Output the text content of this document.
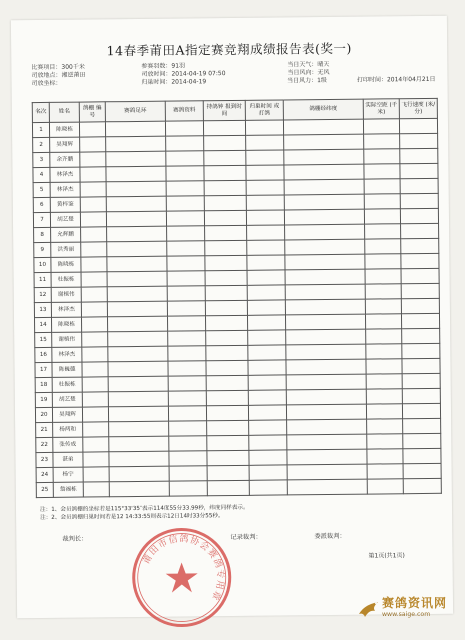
14春季莆田A指定赛竞翔成绩报告表(奖一)
比赛项目：300千米	参赛羽数：91羽	当日天气：晴天
司放地点：湘逆莆田	司放时间：2014-04-19 07:50	当日风向：无风
司放坐标：	归巢时间：2014-04-19	当日风力：1级	打印时间：2014年04月21日
名次	姓名	鸽棚 编号	赛鸽足环	赛鸽资料	持鸽钟 报到时间	归巢时间 或打鸽	鸽棚经纬度	实际空距 (千米)	飞行速度 (米/分)
1	陈晓栋								
2	吴翔辉								
3	余齐鹏								
4	林泽杰								
5	林泽杰								
6	黄梓鉴								
7	胡艺楚								
8	允辉鹏								
9	洪秀丽								
10	陈晓栋								
11	杜振栋								
12	谢植伟								
13	林泽杰								
14	陈晓栋								
15	谢植伟								
16	林泽杰								
17	陈巍德								
18	杜振栋								
19	胡艺楚								
20	吴翔辉								
21	杨两和								
22	张传成								
23	湛弟								
24	杨宁								
25	翁福栋								
注：1、会员鸽棚的坐标若是115°33'35″表示114度55分33.99秒，纬度同样表示。
注：2、会员鸽棚归巢时间若是12 14:33:55则表示12日14时33分55秒。
裁判长：	记录裁判：	委派裁判：
第1页(共1页)
莆田市信鸽协会赛鸽专用章
赛鸽资讯网
www.saige.com
